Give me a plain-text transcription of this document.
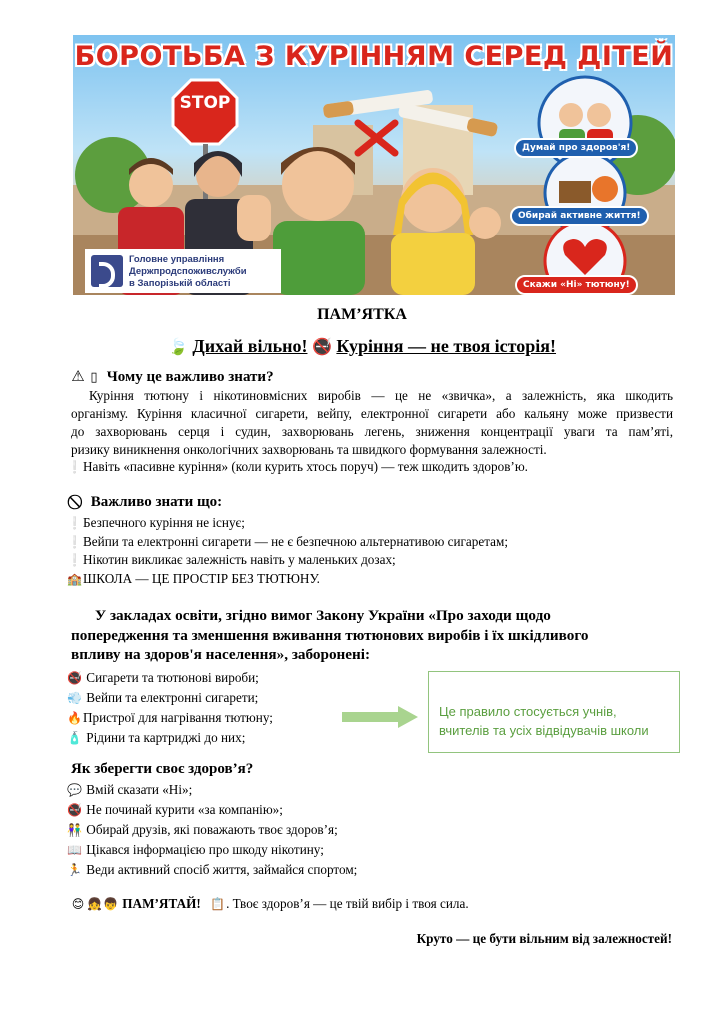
БОРОТЬБА З КУРІННЯМ СЕРЕД ДІТЕЙ
STOP
Думай про здоров'я!
Обирай активне життя!
Скажи «Ні» тютюну!
Головне управління
Держпродспоживслужби
в Запорізькій області
ПАМ’ЯТКА
🍃 Дихай вільно! 🚭 Куріння — не твоя історія!
⚠ ▯ Чому це важливо знати?
Куріння тютюну і нікотиновмісних виробів — це не «звичка», а залежність, яка шкодить
організму. Куріння класичної сигарети, вейпу, електронної сигарети або кальяну може призвести
до захворювань серця і судин, захворювань легень, зниження концентрації уваги та пам’яті,
ризику виникнення онкологічних захворювань та швидкого формування залежності.
❕Навіть «пасивне куріння» (коли курить хтось поруч) — теж шкодить здоров’ю.
Важливо знати що:
❕Безпечного куріння не існує;
❕Вейпи та електронні сигарети — не є безпечною альтернативою сигаретам;
❕Нікотин викликає залежність навіть у маленьких дозах;
🏫ШКОЛА — ЦЕ ПРОСТІР БЕЗ ТЮТЮНУ.
У закладах освіти, згідно вимог Закону України «Про заходи щодо
попередження та зменшення вживання тютюнових виробів і їх шкідливого
впливу на здоров'я населення», заборонені:
🚭 Сигарети та тютюнові вироби;
💨 Вейпи та електронні сигарети;
🔥Пристрої для нагрівання тютюну;
🧴 Рідини та картриджі до них;
Це правило стосується учнів,
вчителів та усіх відвідувачів школи
Як зберегти своє здоров’я?
💬 Вмій сказати «Ні»;
🚭 Не починай курити «за компанію»;
👫 Обирай друзів, які поважають твоє здоров’я;
📖 Цікався інформацією про шкоду нікотину;
🏃 Веди активний спосіб життя, займайся спортом;
😊 👧👦 ПАМ’ЯТАЙ! 📋. Твоє здоров’я — це твій вибір і твоя сила.
Круто — це бути вільним від залежностей!
